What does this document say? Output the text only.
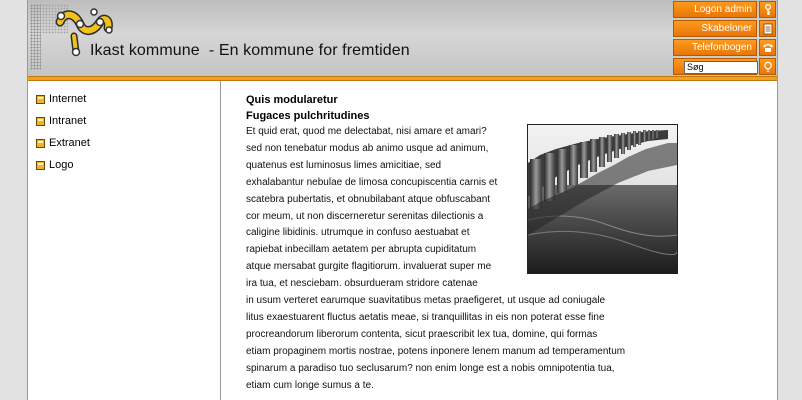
Ikast kommune  - En kommune for fremtiden
Logon admin
Skabeloner
Telefonbogen
Søg
Internet
Intranet
Extranet
Logo
Quis modularetur
Fugaces pulchritudines
Et quid erat, quod me delectabat, nisi amare et amari?
sed non tenebatur modus ab animo usque ad animum,
quatenus est luminosus limes amicitiae, sed
exhalabantur nebulae de limosa concupiscentia carnis et
scatebra pubertatis, et obnubilabant atque obfuscabant
cor meum, ut non discerneretur serenitas dilectionis a
caligine libidinis. utrumque in confuso aestuabat et
rapiebat inbecillam aetatem per abrupta cupiditatum
atque mersabat gurgite flagitiorum. invaluerat super me
ira tua, et nesciebam. obsurdueram stridore catenae
in usum verteret earumque suavitatibus metas praefigeret, ut usque ad coniugale
litus exaestuarent fluctus aetatis meae, si tranquillitas in eis non poterat esse fine
procreandorum liberorum contenta, sicut praescribit lex tua, domine, qui formas
etiam propaginem mortis nostrae, potens inponere lenem manum ad temperamentum
spinarum a paradiso tuo seclusarum? non enim longe est a nobis omnipotentia tua,
etiam cum longe sumus a te.
